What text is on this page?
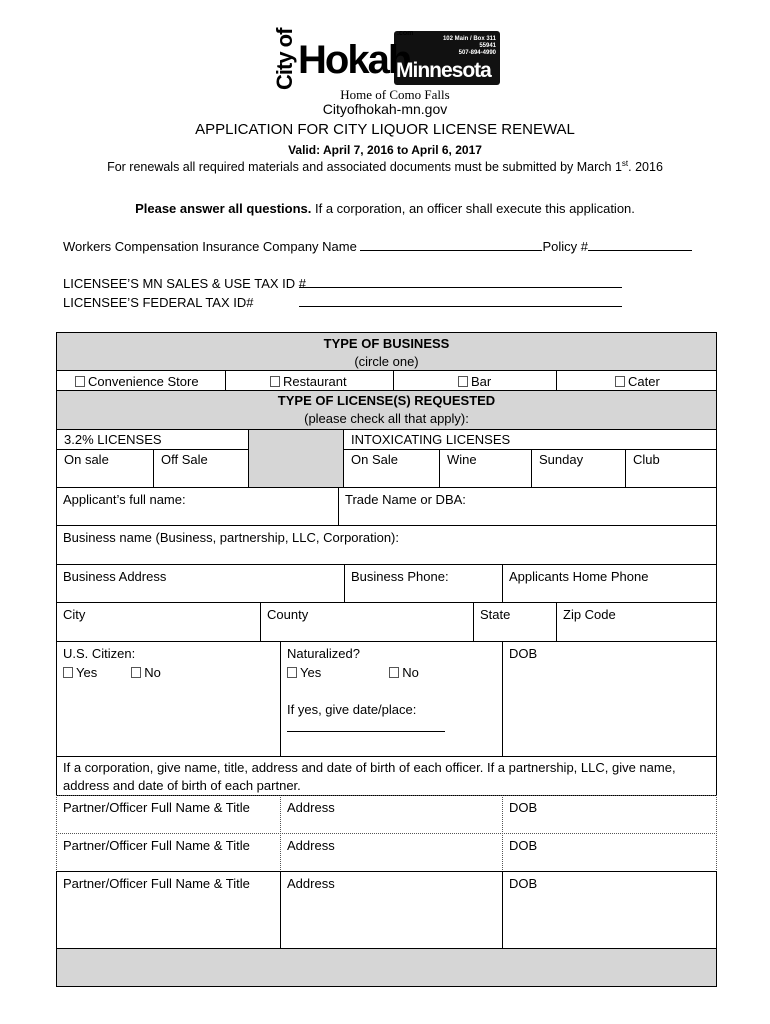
City of Hokah
.com
102 Main / Box 311
55941
507-894-4990
Minnesota
Home of Como Falls
Cityofhokah-mn.gov
APPLICATION FOR CITY LIQUOR LICENSE RENEWAL
Valid: April 7, 2016 to April 6, 2017
For renewals all required materials and associated documents must be submitted by March 1st. 2016
Please answer all questions. If a corporation, an officer shall execute this application.
Workers Compensation Insurance Company Name	Policy #
LICENSEE’S MN SALES & USE TAX ID #
LICENSEE’S FEDERAL TAX ID#
TYPE OF BUSINESS
(circle one)
Convenience Store	Restaurant	Bar	Cater
TYPE OF LICENSE(S) REQUESTED
(please check all that apply):
3.2% LICENSES	INTOXICATING LICENSES
On sale	Off Sale	On Sale	Wine	Sunday	Club
Applicant’s full name:	Trade Name or DBA:
Business name (Business, partnership, LLC, Corporation):
Business Address	Business Phone:	Applicants Home Phone
City	County	State	Zip Code
U.S. Citizen:
Yes	No
Naturalized?
Yes	No
If yes, give date/place:
DOB
If a corporation, give name, title, address and date of birth of each officer. If a partnership, LLC, give name, address and date of birth of each partner.
Partner/Officer Full Name & Title	Address	DOB
Partner/Officer Full Name & Title	Address	DOB
Partner/Officer Full Name & Title	Address	DOB
